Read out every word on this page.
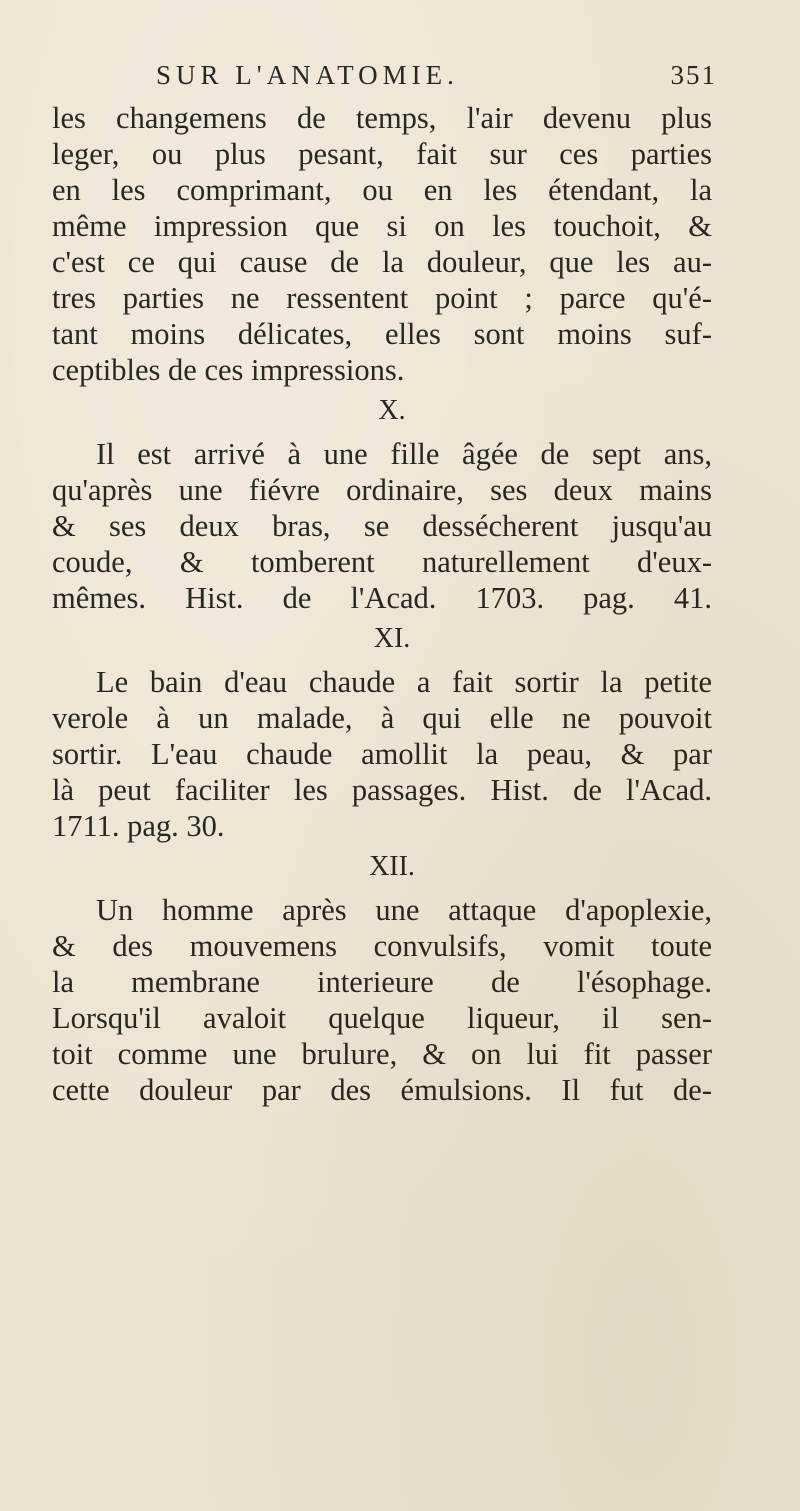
SUR L'ANATOMIE.	351
les changemens de temps, l'air devenu plus
leger, ou plus pesant, fait sur ces parties
en les comprimant, ou en les étendant, la
même impression que si on les touchoit, &
c'est ce qui cause de la douleur, que les au-
tres parties ne ressentent point ; parce qu'é-
tant moins délicates, elles sont moins suf-
ceptibles de ces impressions.
X.
Il est arrivé à une fille âgée de sept ans,
qu'après une fiévre ordinaire, ses deux mains
& ses deux bras, se dessécherent jusqu'au
coude, & tomberent naturellement d'eux-
mêmes. Hist. de l'Acad. 1703. pag. 41.
XI.
Le bain d'eau chaude a fait sortir la petite
verole à un malade, à qui elle ne pouvoit
sortir. L'eau chaude amollit la peau, & par
là peut faciliter les passages. Hist. de l'Acad.
1711. pag. 30.
XII.
Un homme après une attaque d'apoplexie,
& des mouvemens convulsifs, vomit toute
la membrane interieure de l'ésophage.
Lorsqu'il avaloit quelque liqueur, il sen-
toit comme une brulure, & on lui fit passer
cette douleur par des émulsions. Il fut de-
